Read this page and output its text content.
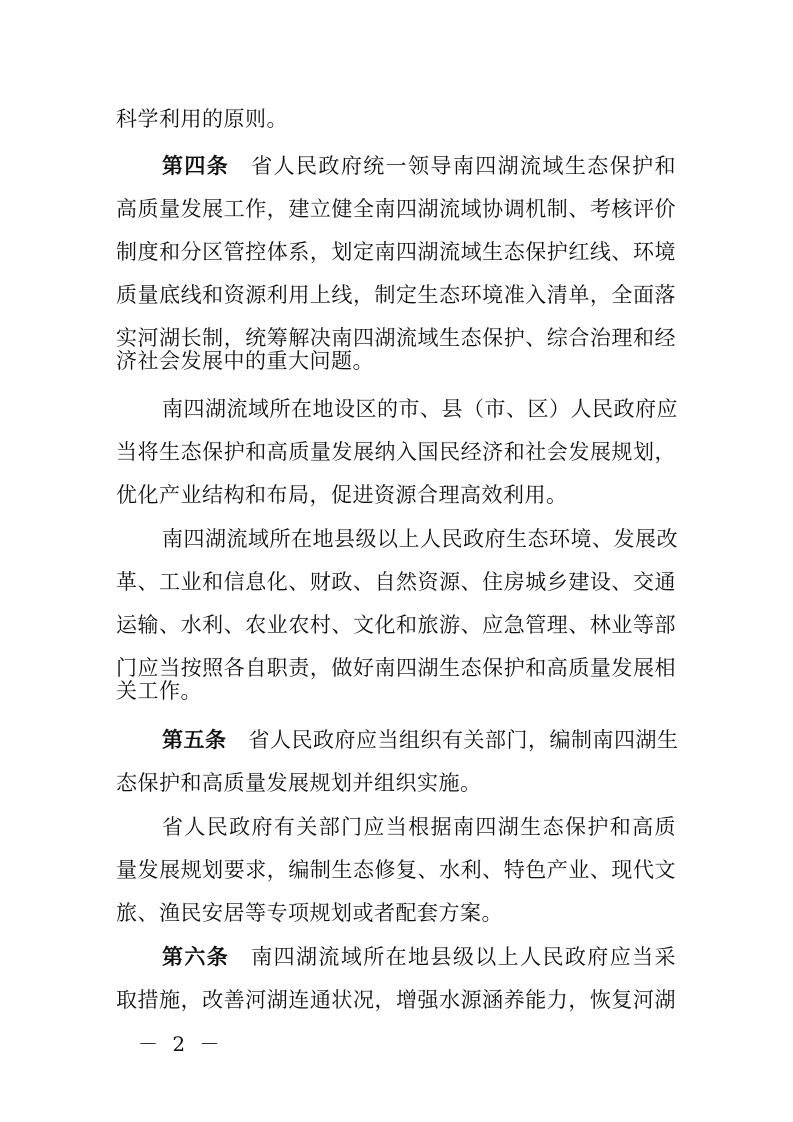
科学利用的原则。
第四条 省人民政府统一领导南四湖流域生态保护和
高质量发展工作，建立健全南四湖流域协调机制、考核评价
制度和分区管控体系，划定南四湖流域生态保护红线、环境
质量底线和资源利用上线，制定生态环境准入清单，全面落
实河湖长制，统筹解决南四湖流域生态保护、综合治理和经
济社会发展中的重大问题。
南四湖流域所在地设区的市、县（市、区）人民政府应
当将生态保护和高质量发展纳入国民经济和社会发展规划，
优化产业结构和布局，促进资源合理高效利用。
南四湖流域所在地县级以上人民政府生态环境、发展改
革、工业和信息化、财政、自然资源、住房城乡建设、交通
运输、水利、农业农村、文化和旅游、应急管理、林业等部
门应当按照各自职责，做好南四湖生态保护和高质量发展相
关工作。
第五条 省人民政府应当组织有关部门，编制南四湖生
态保护和高质量发展规划并组织实施。
省人民政府有关部门应当根据南四湖生态保护和高质
量发展规划要求，编制生态修复、水利、特色产业、现代文
旅、渔民安居等专项规划或者配套方案。
第六条 南四湖流域所在地县级以上人民政府应当采
取措施，改善河湖连通状况，增强水源涵养能力，恢复河湖
－ 2 －
